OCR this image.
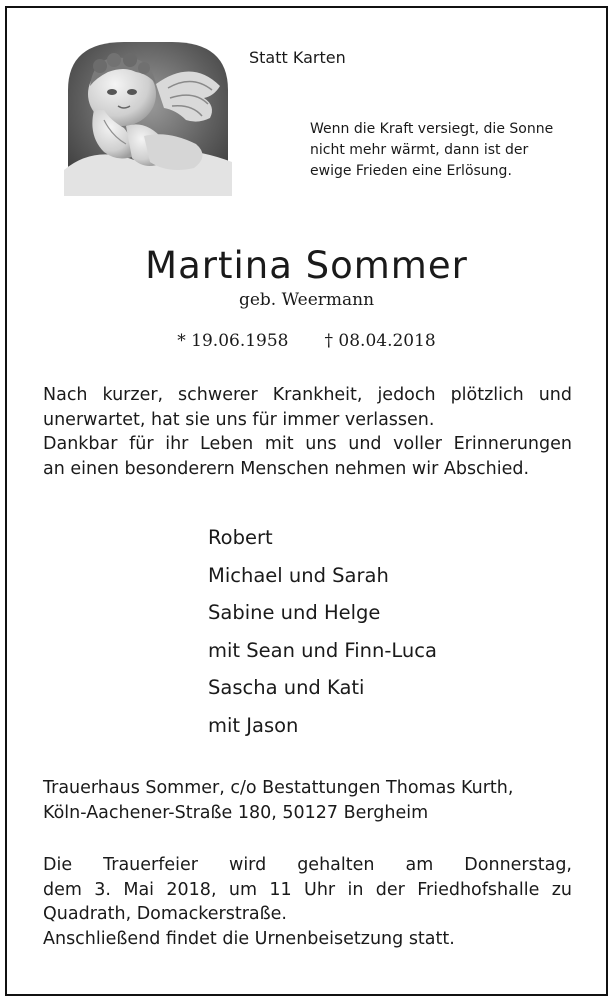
Statt Karten
Wenn die Kraft versiegt, die Sonne
nicht mehr wärmt, dann ist der
ewige Frieden eine Erlösung.
Martina Sommer
geb. Weermann
* 19.06.1958 † 08.04.2018

Nach kurzer, schwerer Krankheit, jedoch plötzlich und

unerwartet, hat sie uns für immer verlassen.

Dankbar für ihr Leben mit uns und voller Erinnerungen

an einen besonderern Menschen nehmen wir Abschied.

Robert
Michael und Sarah
Sabine und Helge
mit Sean und Finn-Luca
Sascha und Kati
mit Jason

Trauerhaus Sommer, c/o Bestattungen Thomas Kurth,

Köln-Aachener-Straße 180, 50127 Bergheim

Die Trauerfeier wird gehalten am Donnerstag,

dem 3. Mai 2018, um 11 Uhr in der Friedhofshalle zu

Quadrath, Domackerstraße.

Anschließend findet die Urnenbeisetzung statt.
